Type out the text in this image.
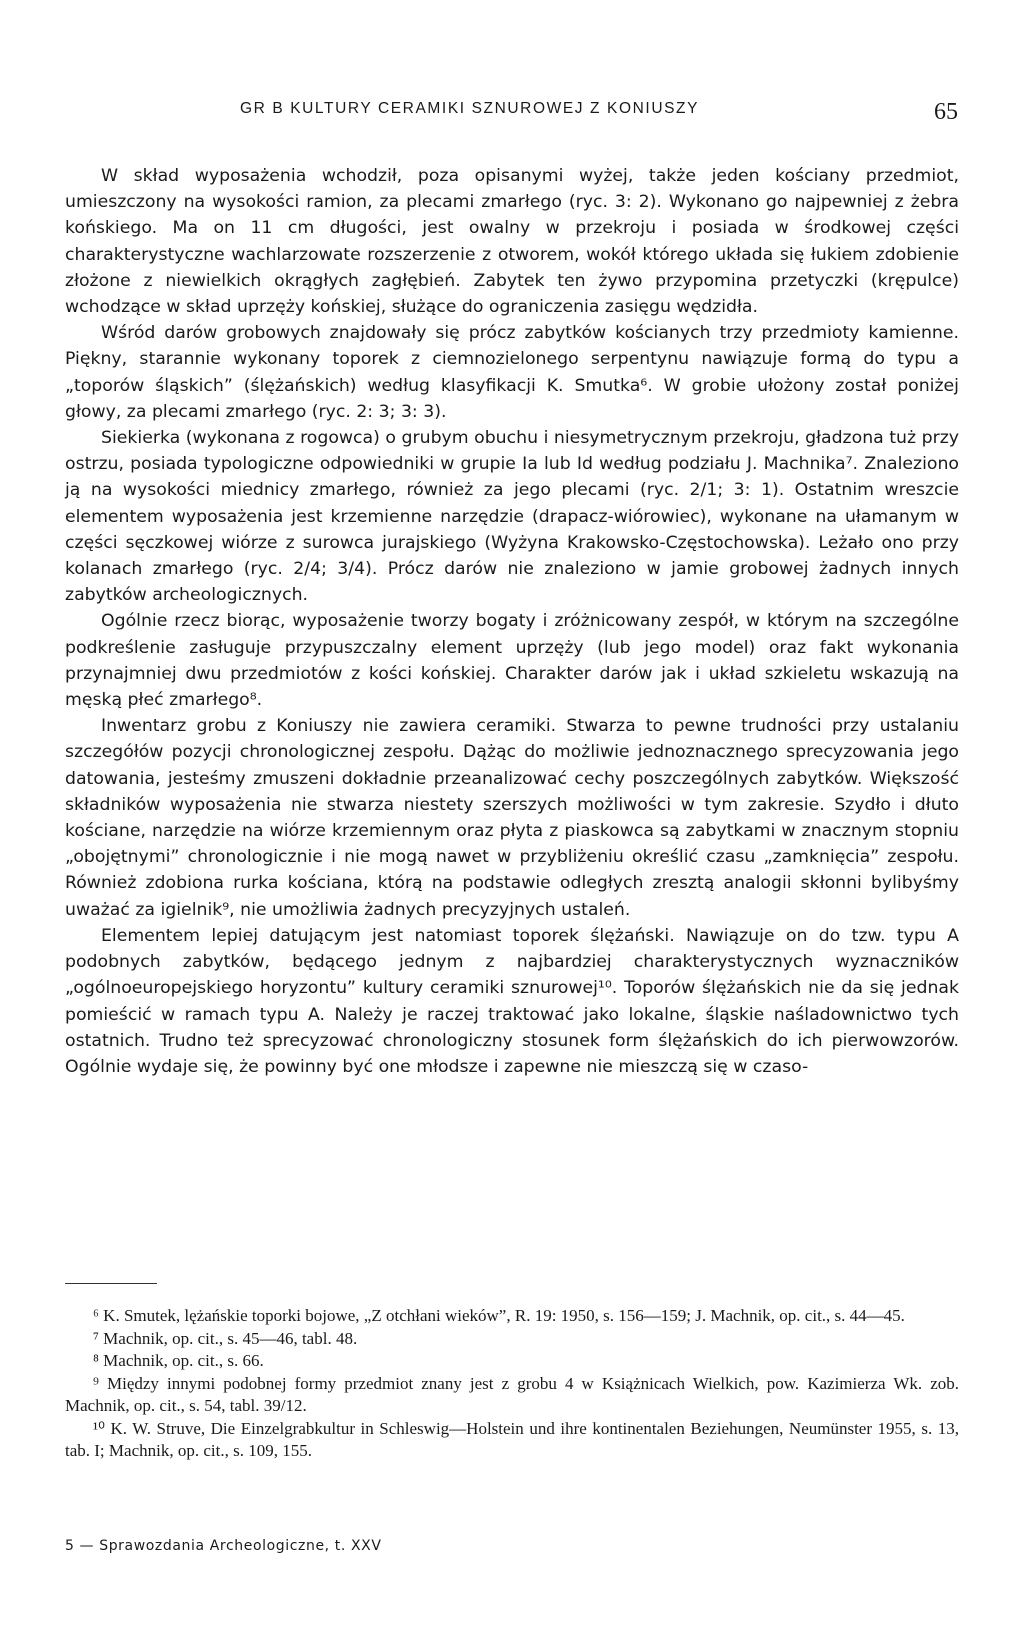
GR B KULTURY CERAMIKI SZNUROWEJ Z KONIUSZY	65

W skład wyposażenia wchodził, poza opisanymi wyżej, także jeden kościany przedmiot, umieszczony na wysokości ramion, za plecami zmarłego (ryc. 3: 2). Wykonano go najpewniej z żebra końskiego. Ma on 11 cm długości, jest owalny w przekroju i posiada w środkowej części charakterystyczne wachlarzowate rozszerzenie z otworem, wokół którego układa się łukiem zdobienie złożone z niewielkich okrągłych zagłębień. Zabytek ten żywo przypomina przetyczki (krępulce) wchodzące w skład uprzęży końskiej, służące do ograniczenia zasięgu wędzidła.

Wśród darów grobowych znajdowały się prócz zabytków kościanych trzy przedmioty kamienne. Piękny, starannie wykonany toporek z ciemnozielonego serpentynu nawiązuje formą do typu a „toporów śląskich” (ślężańskich) według klasyfikacji K. Smutka⁶. W grobie ułożony został poniżej głowy, za plecami zmarłego (ryc. 2: 3; 3: 3).

Siekierka (wykonana z rogowca) o grubym obuchu i niesymetrycznym przekroju, gładzona tuż przy ostrzu, posiada typologiczne odpowiedniki w grupie Ia lub Id według podziału J. Machnika⁷. Znaleziono ją na wysokości miednicy zmarłego, również za jego plecami (ryc. 2/1; 3: 1). Ostatnim wreszcie elementem wyposażenia jest krzemienne narzędzie (drapacz-wiórowiec), wykonane na ułamanym w części sęczkowej wiórze z surowca jurajskiego (Wyżyna Krakowsko-Częstochowska). Leżało ono przy kolanach zmarłego (ryc. 2/4; 3/4). Prócz darów nie znaleziono w jamie grobowej żadnych innych zabytków archeologicznych.

Ogólnie rzecz biorąc, wyposażenie tworzy bogaty i zróżnicowany zespół, w którym na szczególne podkreślenie zasługuje przypuszczalny element uprzęży (lub jego model) oraz fakt wykonania przynajmniej dwu przedmiotów z kości końskiej. Charakter darów jak i układ szkieletu wskazują na męską płeć zmarłego⁸.

Inwentarz grobu z Koniuszy nie zawiera ceramiki. Stwarza to pewne trudności przy ustalaniu szczegółów pozycji chronologicznej zespołu. Dążąc do możliwie jednoznacznego sprecyzowania jego datowania, jesteśmy zmuszeni dokładnie przeanalizować cechy poszczególnych zabytków. Większość składników wyposażenia nie stwarza niestety szerszych możliwości w tym zakresie. Szydło i dłuto kościane, narzędzie na wiórze krzemiennym oraz płyta z piaskowca są zabytkami w znacznym stopniu „obojętnymi” chronologicznie i nie mogą nawet w przybliżeniu określić czasu „zamknięcia” zespołu. Również zdobiona rurka kościana, którą na podstawie odległych zresztą analogii skłonni bylibyśmy uważać za igielnik⁹, nie umożliwia żadnych precyzyjnych ustaleń.

Elementem lepiej datującym jest natomiast toporek ślężański. Nawiązuje on do tzw. typu A podobnych zabytków, będącego jednym z najbardziej charakterystycznych wyznaczników „ogólnoeuropejskiego horyzontu” kultury ceramiki sznurowej¹⁰. Toporów ślężańskich nie da się jednak pomieścić w ramach typu A. Należy je raczej traktować jako lokalne, śląskie naśladownictwo tych ostatnich. Trudno też sprecyzować chronologiczny stosunek form ślężańskich do ich pierwowzorów. Ogólnie wydaje się, że powinny być one młodsze i zapewne nie mieszczą się w czaso-

⁶ K. Smutek, lężańskie toporki bojowe, „Z otchłani wieków”, R. 19: 1950, s. 156—159; J. Machnik, op. cit., s. 44—45.

⁷ Machnik, op. cit., s. 45—46, tabl. 48.

⁸ Machnik, op. cit., s. 66.

⁹ Między innymi podobnej formy przedmiot znany jest z grobu 4 w Książnicach Wielkich, pow. Kazimierza Wk. zob. Machnik, op. cit., s. 54, tabl. 39/12.

¹⁰ K. W. Struve, Die Einzelgrabkultur in Schleswig—Holstein und ihre kontinentalen Beziehungen, Neumünster 1955, s. 13, tab. I; Machnik, op. cit., s. 109, 155.

5 — Sprawozdania Archeologiczne, t. XXV
